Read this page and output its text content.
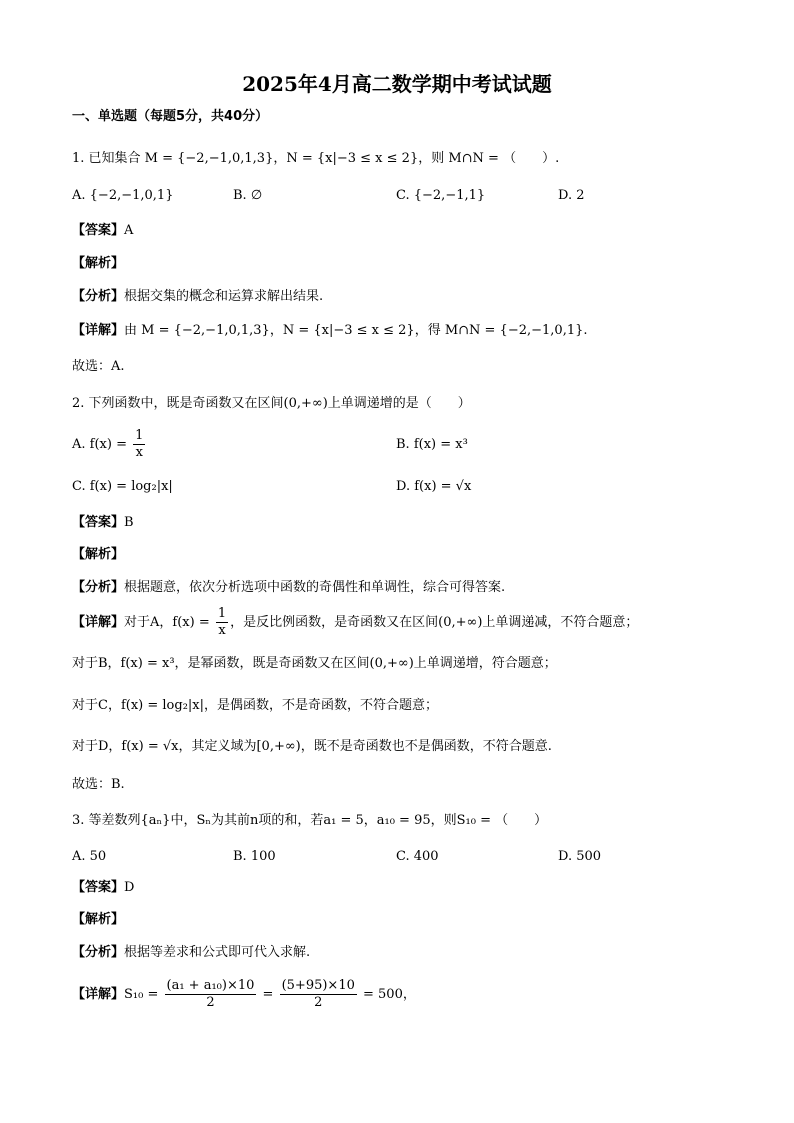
2025年4月高二数学期中考试试题
一、单选题（每题5分，共40分）
1. 已知集合 M = {−2,−1,0,1,3}，N = {x|−3 ≤ x ≤ 2}，则 M∩N = （　　）.
A. {−2,−1,0,1}	B. ∅	C. {−2,−1,1}	D. 2
【答案】A
【解析】
【分析】根据交集的概念和运算求解出结果.
【详解】由 M = {−2,−1,0,1,3}，N = {x|−3 ≤ x ≤ 2}，得 M∩N = {−2,−1,0,1}.
故选：A.
2. 下列函数中，既是奇函数又在区间(0,+∞)上单调递增的是（　　）
A. $f(x) = \frac{1}{x}$	B. f(x) = x³
C. f(x) = log₂|x|	D. f(x) = √x
【答案】B
【解析】
【分析】根据题意，依次分析选项中函数的奇偶性和单调性，综合可得答案.
【详解】对于A，$f(x) = \frac{1}{x}$ ，是反比例函数，是奇函数又在区间(0,+∞)上单调递减，不符合题意；
对于B，f(x) = x³，是幂函数，既是奇函数又在区间(0,+∞)上单调递增，符合题意；
对于C，f(x) = log₂|x|，是偶函数，不是奇函数，不符合题意；
对于D，f(x) = √x，其定义域为[0,+∞)，既不是奇函数也不是偶函数，不符合题意.
故选：B.
3. 等差数列{aₙ}中，Sₙ为其前n项的和，若a₁ = 5，a₁₀ = 95，则S₁₀ = （　　）
A. 50	B. 100	C. 400	D. 500
【答案】D
【解析】
【分析】根据等差求和公式即可代入求解.
【详解】$S_{10} = \frac{\text{(a₁ + a₁₀)×10}}{2} = \frac{(5+95)\times 10}{2} = 500$，
